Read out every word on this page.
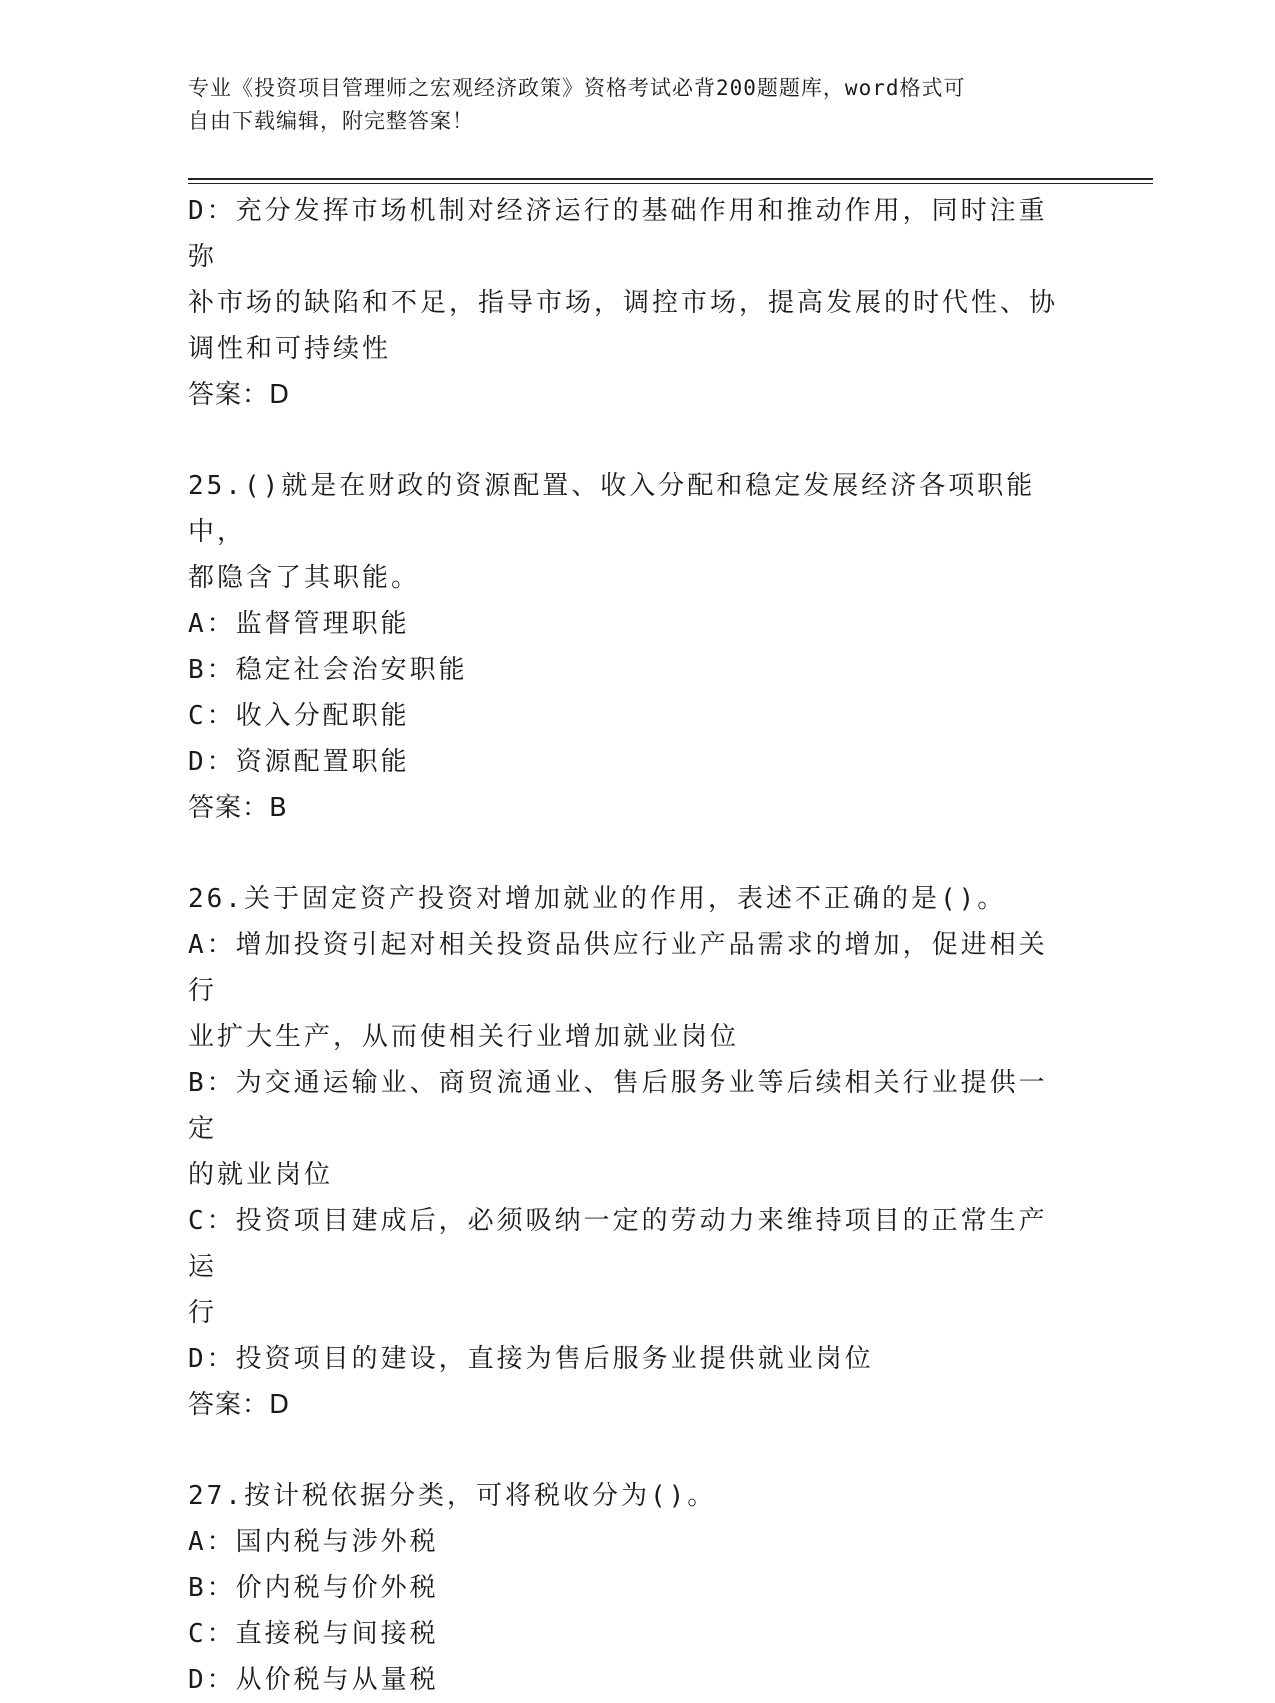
专业《投资项目管理师之宏观经济政策》资格考试必背200题题库，word格式可
自由下载编辑，附完整答案！
D：充分发挥市场机制对经济运行的基础作用和推动作用，同时注重弥
补市场的缺陷和不足，指导市场，调控市场，提高发展的时代性、协
调性和可持续性
答案：D
25.()就是在财政的资源配置、收入分配和稳定发展经济各项职能中，
都隐含了其职能。
A：监督管理职能
B：稳定社会治安职能
C：收入分配职能
D：资源配置职能
答案：B
26.关于固定资产投资对增加就业的作用，表述不正确的是()。
A：增加投资引起对相关投资品供应行业产品需求的增加，促进相关行
业扩大生产，从而使相关行业增加就业岗位
B：为交通运输业、商贸流通业、售后服务业等后续相关行业提供一定
的就业岗位
C：投资项目建成后，必须吸纳一定的劳动力来维持项目的正常生产运
行
D：投资项目的建设，直接为售后服务业提供就业岗位
答案：D
27.按计税依据分类，可将税收分为()。
A：国内税与涉外税
B：价内税与价外税
C：直接税与间接税
D：从价税与从量税
